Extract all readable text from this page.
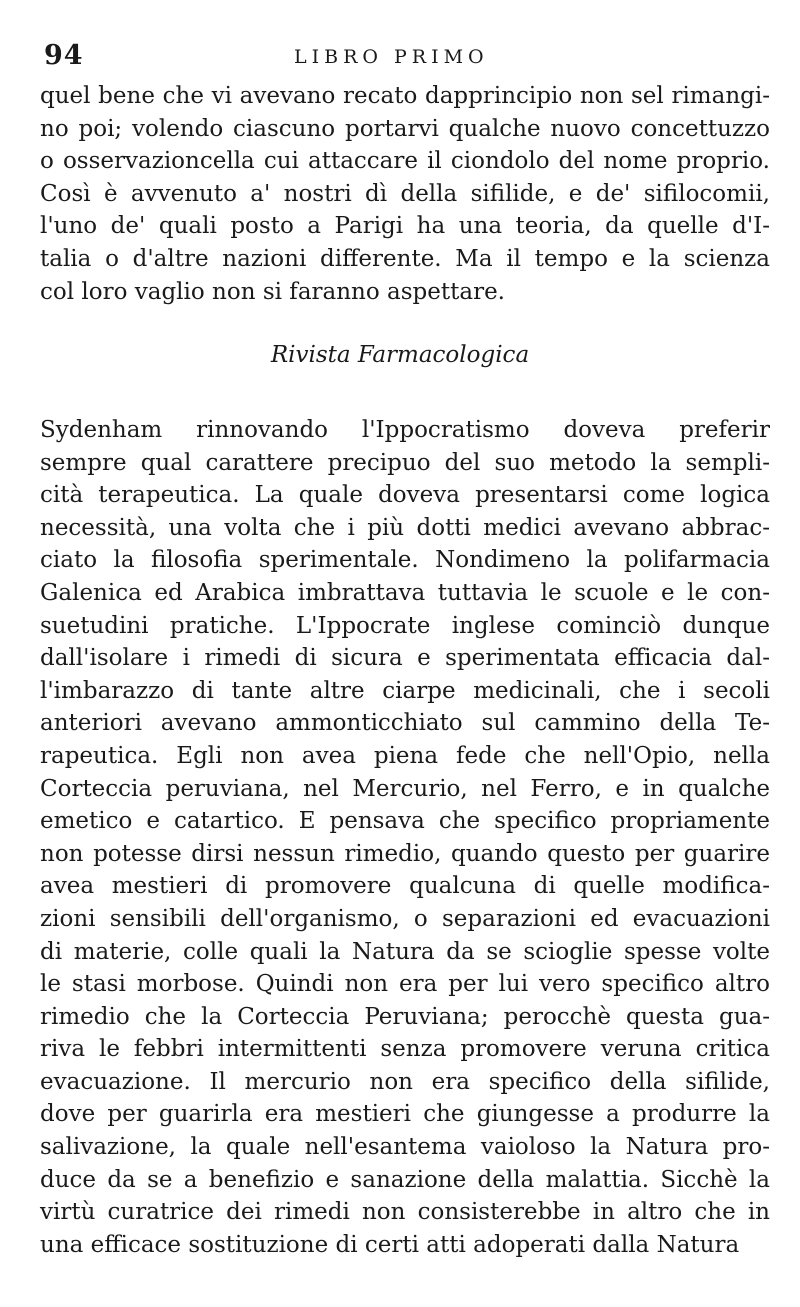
94	LIBRO PRIMO
quel bene che vi avevano recato dapprincipio non sel rimangi-
no poi; volendo ciascuno portarvi qualche nuovo concettuzzo
o osservazioncella cui attaccare il ciondolo del nome proprio.
Così è avvenuto a' nostri dì della sifilide, e de' sifilocomii,
l'uno de' quali posto a Parigi ha una teoria, da quelle d'I-
talia o d'altre nazioni differente. Ma il tempo e la scienza
col loro vaglio non si faranno aspettare.
Rivista Farmacologica
Sydenham rinnovando l'Ippocratismo doveva preferir
sempre qual carattere precipuo del suo metodo la sempli-
cità terapeutica. La quale doveva presentarsi come logica
necessità, una volta che i più dotti medici avevano abbrac-
ciato la filosofia sperimentale. Nondimeno la polifarmacia
Galenica ed Arabica imbrattava tuttavia le scuole e le con-
suetudini pratiche. L'Ippocrate inglese cominciò dunque
dall'isolare i rimedi di sicura e sperimentata efficacia dal-
l'imbarazzo di tante altre ciarpe medicinali, che i secoli
anteriori avevano ammonticchiato sul cammino della Te-
rapeutica. Egli non avea piena fede che nell'Opio, nella
Corteccia peruviana, nel Mercurio, nel Ferro, e in qualche
emetico e catartico. E pensava che specifico propriamente
non potesse dirsi nessun rimedio, quando questo per guarire
avea mestieri di promovere qualcuna di quelle modifica-
zioni sensibili dell'organismo, o separazioni ed evacuazioni
di materie, colle quali la Natura da se scioglie spesse volte
le stasi morbose. Quindi non era per lui vero specifico altro
rimedio che la Corteccia Peruviana; perocchè questa gua-
riva le febbri intermittenti senza promovere veruna critica
evacuazione. Il mercurio non era specifico della sifilide,
dove per guarirla era mestieri che giungesse a produrre la
salivazione, la quale nell'esantema vaioloso la Natura pro-
duce da se a benefizio e sanazione della malattia. Sicchè la
virtù curatrice dei rimedi non consisterebbe in altro che in
una efficace sostituzione di certi atti adoperati dalla Natura
